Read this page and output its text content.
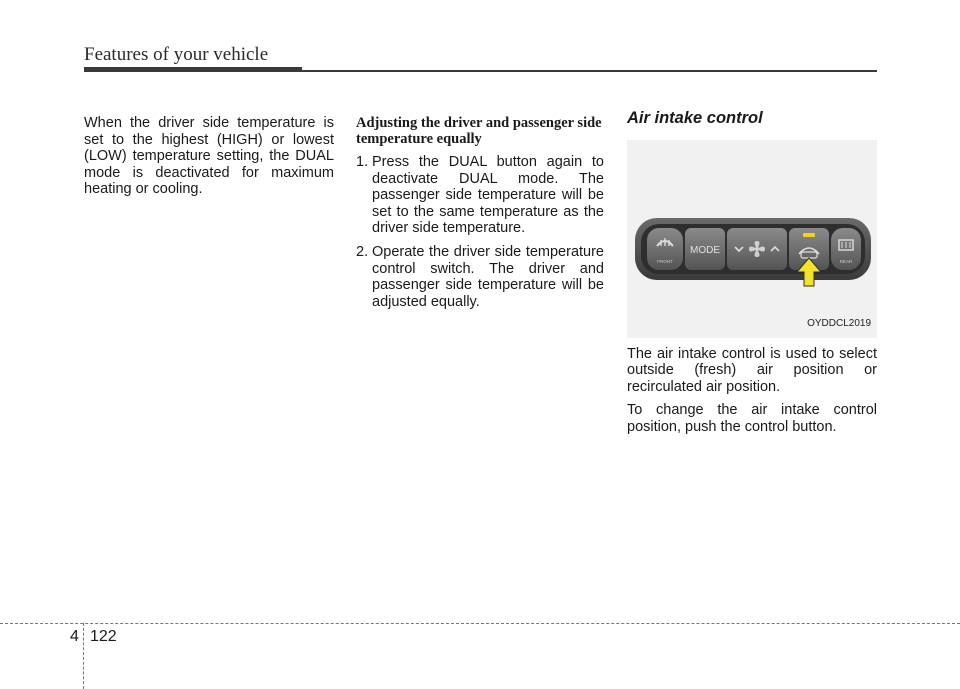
Features of your vehicle

When the driver side temperature is set to the highest (HIGH) or lowest (LOW) temperature setting, the DUAL mode is deactivated for maximum heating or cooling.

Adjusting the driver and passenger side temperature equally
1. Press the DUAL button again to deactivate DUAL mode. The passenger side temperature will be set to the same temperature as the driver side temperature.
2. Operate the driver side temperature control switch. The driver and passenger side temperature will be adjusted equally.
Air intake control
FRONT
MODE
REAR
OYDDCL2019

The air intake control is used to select outside (fresh) air position or recirculated air position.

To change the air intake control position, push the control button.

4 122
